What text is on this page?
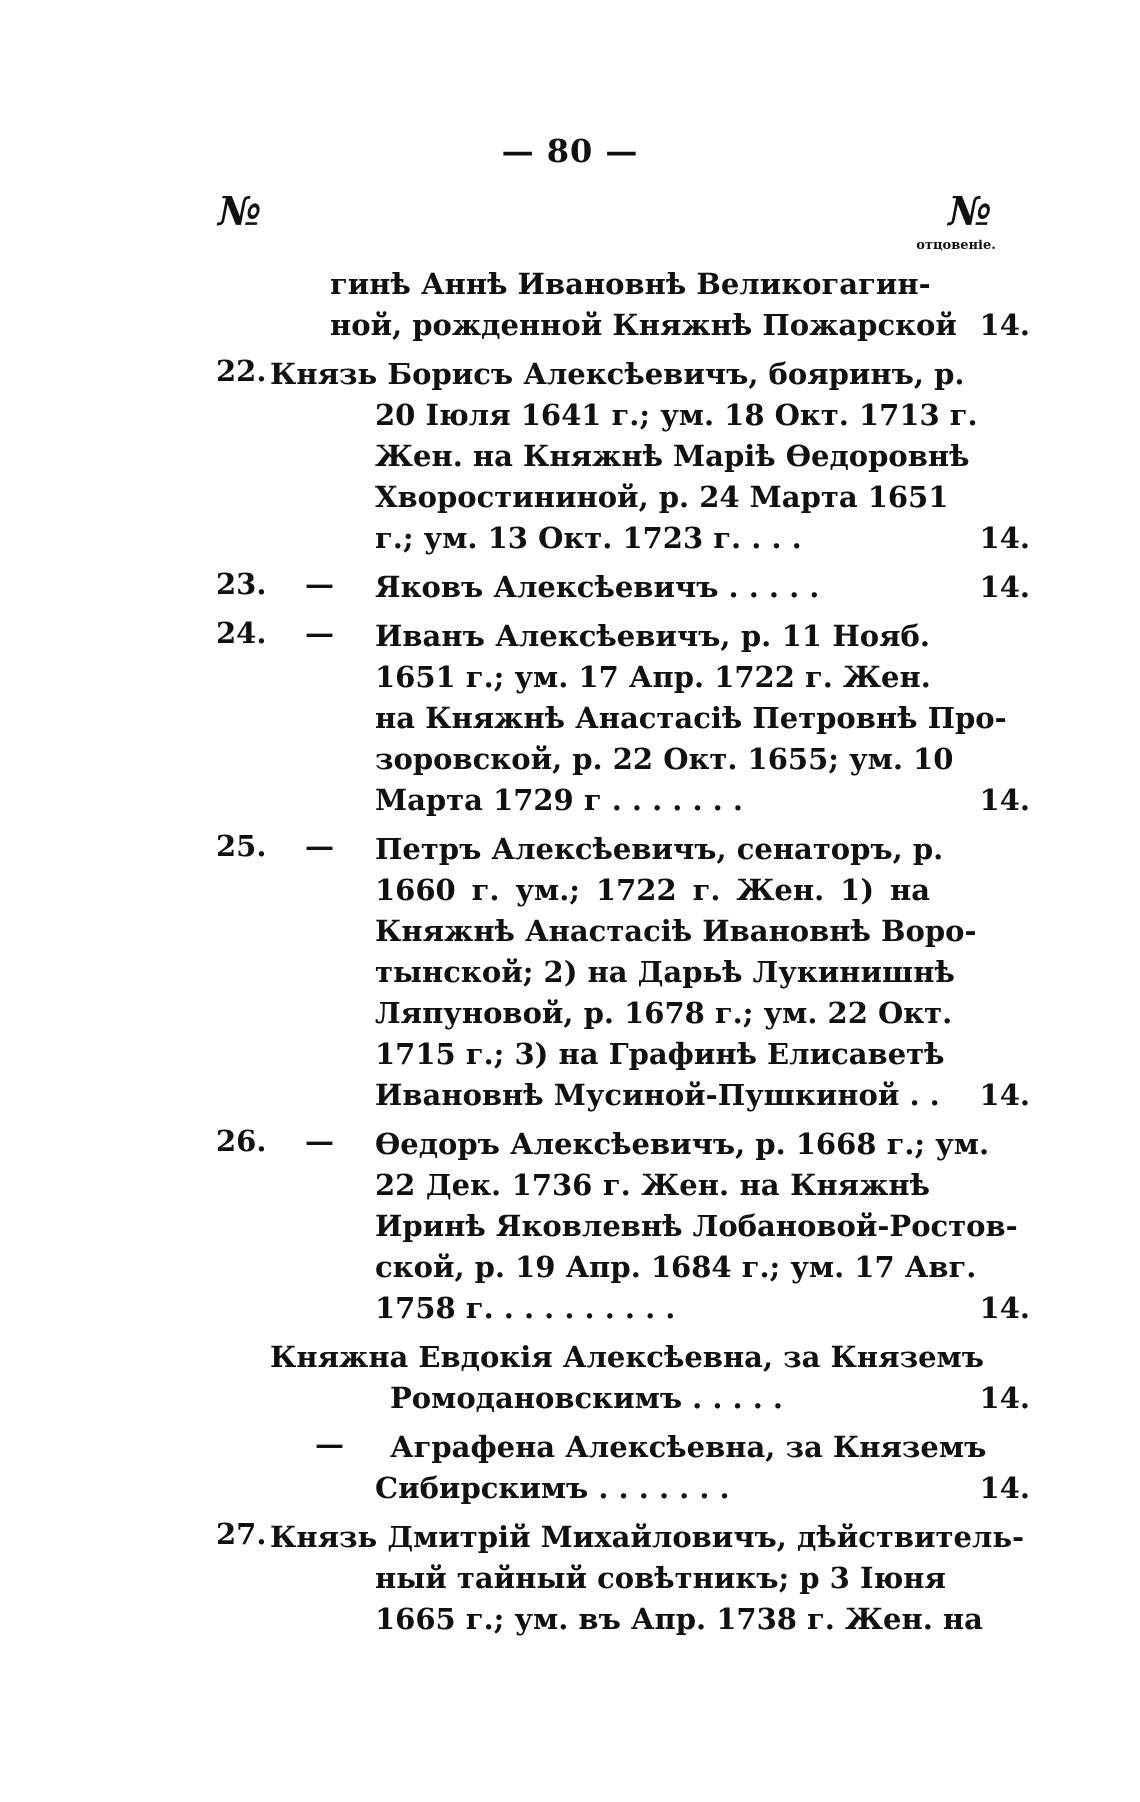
— 80 —
№	№
отцовеніе.
гинѣ Аннѣ Ивановнѣ Великогагин-
ной, рожденной Княжнѣ Пожарской 14.
22. Князь Борисъ Алексѣевичъ, бояринъ, р.
20 Іюля 1641 г.; ум. 18 Окт. 1713 г.
Жен. на Княжнѣ Марiѣ Ѳедоровнѣ
Хворостининой, р. 24 Марта 1651
г.; ум. 13 Окт. 1723 г. . . .	14.
23. — Яковъ Алексѣевичъ . . . . .	14.
24. — Иванъ Алексѣевичъ, р. 11 Нояб.
1651 г.; ум. 17 Апр. 1722 г. Жен.
на Княжнѣ Анастасiѣ Петровнѣ Про-
зоровской, р. 22 Окт. 1655; ум. 10
Марта 1729 г . . . . . . .	14.
25. — Петръ Алексѣевичъ, сенаторъ, р.
1660 г. ум.; 1722 г. Жен. 1) на
Княжнѣ Анастасiѣ Ивановнѣ Воро-
тынской; 2) на Дарьѣ Лукинишнѣ
Ляпуновой, р. 1678 г.; ум. 22 Окт.
1715 г.; 3) на Графинѣ Елисаветѣ
Ивановнѣ Мусиной-Пушкиной . .	14.
26. — Ѳедоръ Алексѣевичъ, р. 1668 г.; ум.
22 Дек. 1736 г. Жен. на Княжнѣ
Иринѣ Яковлевнѣ Лобановой-Ростов-
ской, р. 19 Апр. 1684 г.; ум. 17 Авг.
1758 г. . . . . . . . . .	14.
Княжна Евдокія Алексѣевна, за Княземъ
Ромодановскимъ . . . . .	14.
— Аграфена Алексѣевна, за Княземъ
Сибирскимъ . . . . . . .	14.
27. Князь Дмитрій Михайловичъ, дѣйствитель-
ный тайный совѣтникъ; р 3 Іюня
1665 г.; ум. въ Апр. 1738 г. Жен. на
